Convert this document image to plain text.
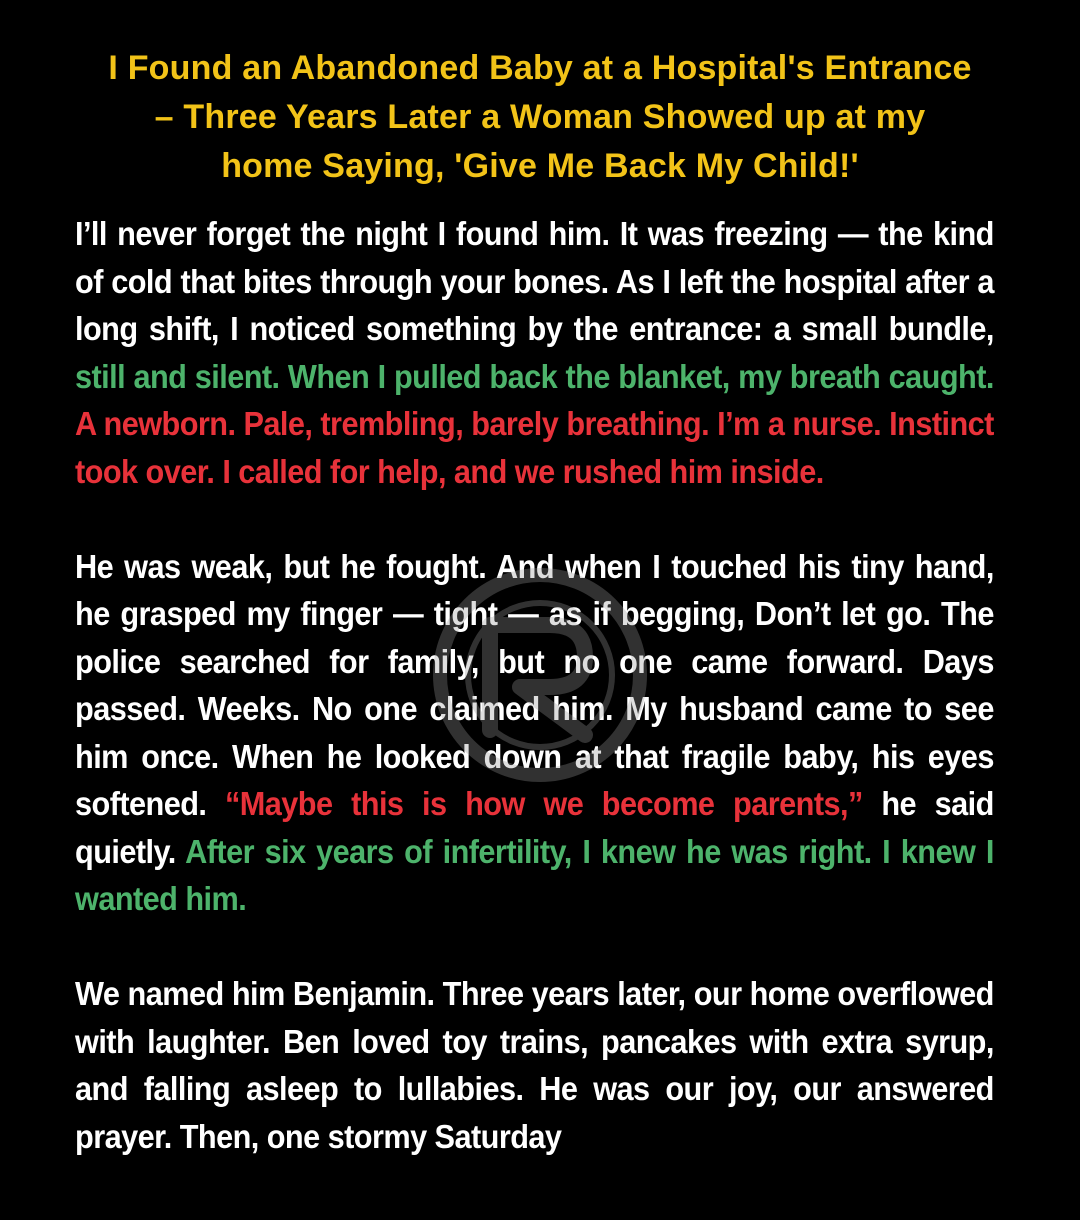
I Found an Abandoned Baby at a Hospital's Entrance
– Three Years Later a Woman Showed up at my
home Saying, 'Give Me Back My Child!'

I’ll never forget the night I found him. It was freezing — the kind of cold that bites through your bones. As I left the hospital after a long shift, I noticed something by the entrance: a small bundle, still and silent. When I pulled back the blanket, my breath caught. A newborn. Pale, trembling, barely breathing. I’m a nurse. Instinct took over. I called for help, and we rushed him inside.

He was weak, but he fought. And when I touched his tiny hand, he grasped my finger — tight — as if begging, Don’t let go. The police searched for family, but no one came forward. Days passed. Weeks. No one claimed him. My husband came to see him once. When he looked down at that fragile baby, his eyes softened. “Maybe this is how we become parents,” he said quietly. After six years of infertility, I knew he was right. I knew I wanted him.

We named him Benjamin. Three years later, our home overflowed with laughter. Ben loved toy trains, pancakes with extra syrup, and falling asleep to lullabies. He was our joy, our answered prayer. Then, one stormy Saturday
